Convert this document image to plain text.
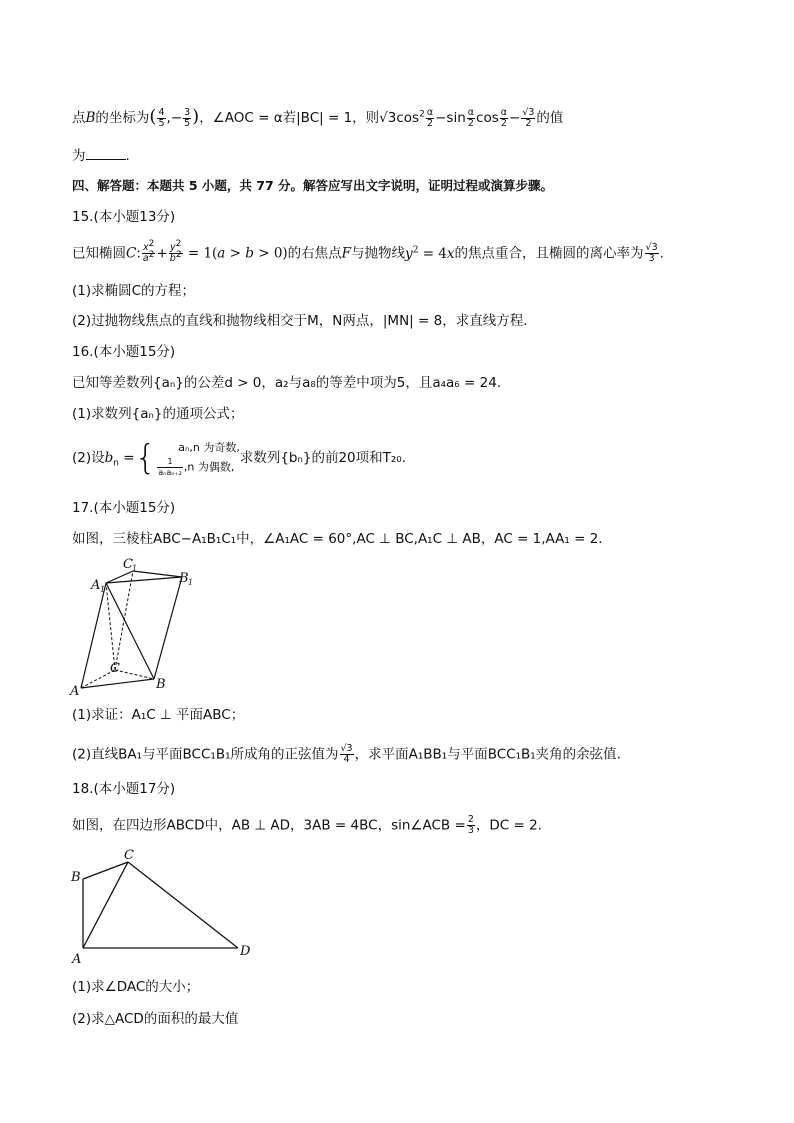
点B的坐标为( $\frac{4}{5}$ ,− $\frac{3}{5}$ )，∠AOC = α若|BC| = 1，则$√3\cos^2 \frac{\alpha}{2} -\sin \frac{\alpha}{2}$ $\cos \frac{\alpha}{2} - \frac{√3}{2}$ 的值
为	.
四、解答题：本题共 5 小题，共 77 分。解答应写出文字说明，证明过程或演算步骤。
15.(本小题13分)
已知椭圆C: $\frac{x^2}{a^2} + \frac{y^2}{b^2} = 1(a > b > 0)$的右焦点F与抛物线$y^2 = 4x$的焦点重合，且椭圆的离心率为 $\frac{√3}{3}$ .
(1)求椭圆C的方程；
(2)过抛物线焦点的直线和抛物线相交于M，N两点，|MN| = 8，求直线方程.
16.(本小题15分)
已知等差数列{aₙ}的公差d > 0，a₂与a₈的等差中项为5，且a₄a₆ = 24.
(1)求数列{aₙ}的通项公式；
(2)设$b_n$ ={	aₙ,n 为奇数,
$\frac{1}{\text{aₙaₙ₊₂}} ,n$ 为偶数,
求数列{bₙ}的前20项和T₂₀.
17.(本小题15分)
如图，三棱柱ABC−A₁B₁C₁中，∠A₁AC = 60°,AC ⊥ BC,A₁C ⊥ AB，AC = 1,AA₁ = 2.
A	B
C
A 1
C 1
B 1
(1)求证：A₁C ⊥ 平面ABC；
(2)直线BA₁与平面BCC₁B₁所成角的正弦值为 $\frac{√3}{4}$ ，求平面A₁BB₁与平面BCC₁B₁夹角的余弦值.
18.(本小题17分)
如图，在四边形ABCD中，AB ⊥ AD，3AB = 4BC，sin∠ACB = $\frac{2}{3}$ ，DC = 2.
B
C
A
D
(1)求∠DAC的大小；
(2)求△ACD的面积的最大值
